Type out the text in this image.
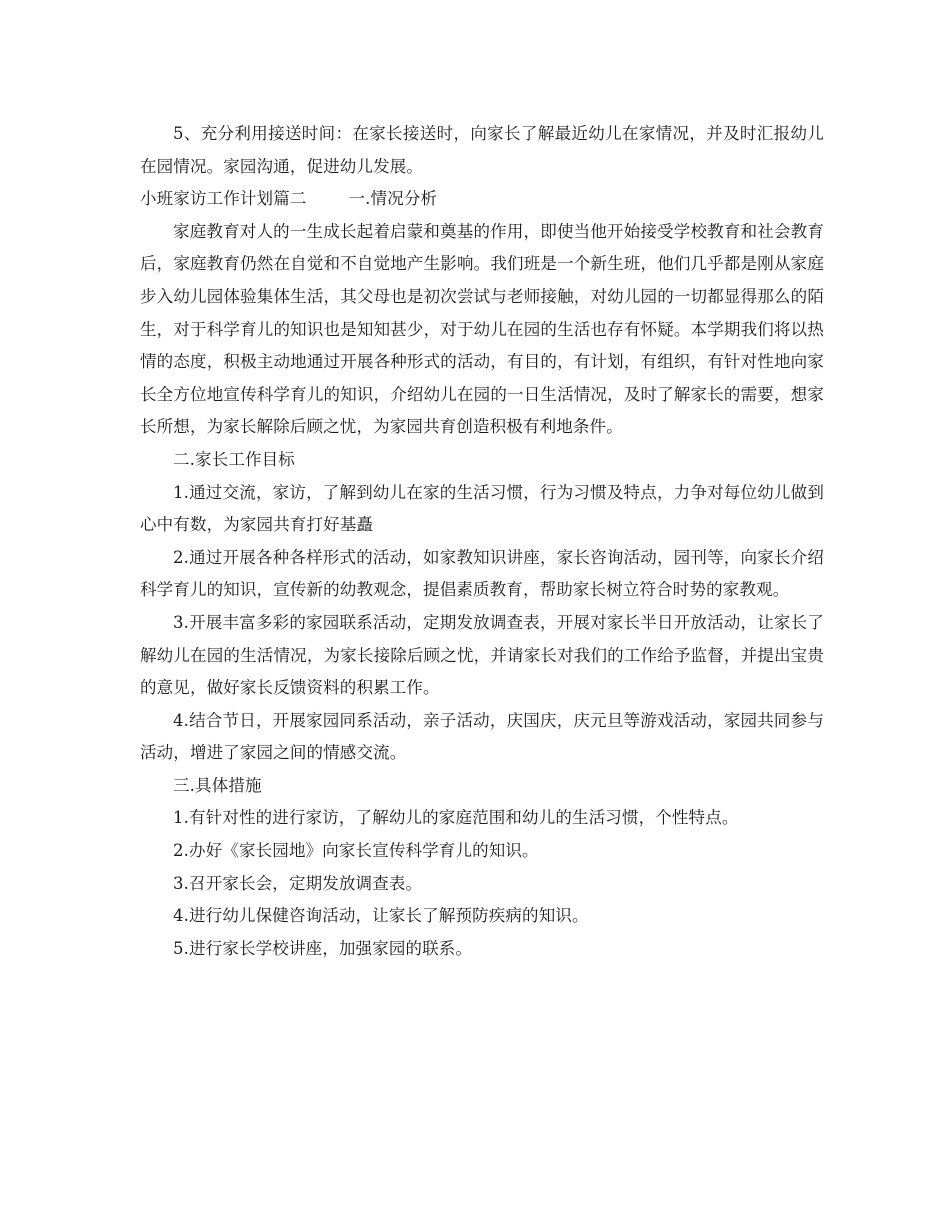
5、充分利用接送时间：在家长接送时，向家长了解最近幼儿在家情况，并及时汇报幼儿在园情况。家园沟通，促进幼儿发展。

小班家访工作计划篇二	一.情况分析

家庭教育对人的一生成长起着启蒙和奠基的作用，即使当他开始接受学校教育和社会教育后，家庭教育仍然在自觉和不自觉地产生影响。我们班是一个新生班，他们几乎都是刚从家庭步入幼儿园体验集体生活，其父母也是初次尝试与老师接触，对幼儿园的一切都显得那么的陌生，对于科学育儿的知识也是知知甚少，对于幼儿在园的生活也存有怀疑。本学期我们将以热情的态度，积极主动地通过开展各种形式的活动，有目的，有计划，有组织，有针对性地向家长全方位地宣传科学育儿的知识，介绍幼儿在园的一日生活情况，及时了解家长的需要，想家长所想，为家长解除后顾之忧，为家园共育创造积极有利地条件。

二.家长工作目标

1.通过交流，家访，了解到幼儿在家的生活习惯，行为习惯及特点，力争对每位幼儿做到心中有数，为家园共育打好基矗

2.通过开展各种各样形式的活动，如家教知识讲座，家长咨询活动，园刊等，向家长介绍科学育儿的知识，宣传新的幼教观念，提倡素质教育，帮助家长树立符合时势的家教观。

3.开展丰富多彩的家园联系活动，定期发放调查表，开展对家长半日开放活动，让家长了解幼儿在园的生活情况，为家长接除后顾之忧，并请家长对我们的工作给予监督，并提出宝贵的意见，做好家长反馈资料的积累工作。

4.结合节日，开展家园同系活动，亲子活动，庆国庆，庆元旦等游戏活动，家园共同参与活动，增进了家园之间的情感交流。

三.具体措施

1.有针对性的进行家访，了解幼儿的家庭范围和幼儿的生活习惯，个性特点。

2.办好《家长园地》向家长宣传科学育儿的知识。

3.召开家长会，定期发放调查表。

4.进行幼儿保健咨询活动，让家长了解预防疾病的知识。

5.进行家长学校讲座，加强家园的联系。
